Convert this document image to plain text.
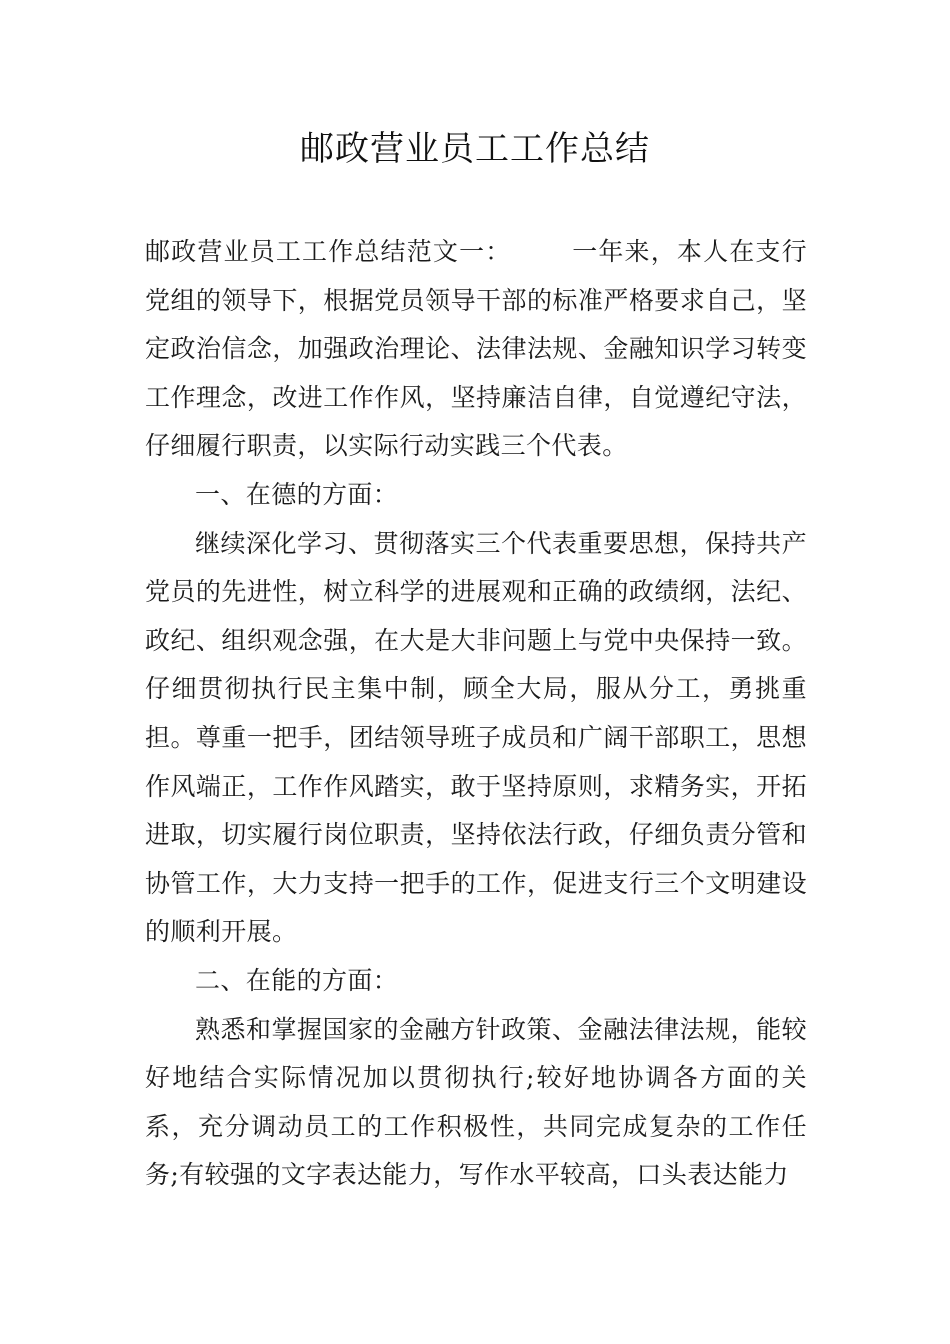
邮政营业员工工作总结

邮政营业员工工作总结范文一： 一年来，本人在支行党组的领导下，根据党员领导干部的标准严格要求自己，坚定政治信念，加强政治理论、法律法规、金融知识学习转变工作理念，改进工作作风，坚持廉洁自律，自觉遵纪守法，仔细履行职责，以实际行动实践三个代表。

一、在德的方面：

继续深化学习、贯彻落实三个代表重要思想，保持共产党员的先进性，树立科学的进展观和正确的政绩纲，法纪、政纪、组织观念强，在大是大非问题上与党中央保持一致。仔细贯彻执行民主集中制，顾全大局，服从分工，勇挑重担。尊重一把手，团结领导班子成员和广阔干部职工，思想作风端正，工作作风踏实，敢于坚持原则，求精务实，开拓进取，切实履行岗位职责，坚持依法行政，仔细负责分管和协管工作，大力支持一把手的工作，促进支行三个文明建设的顺利开展。

二、在能的方面：

熟悉和掌握国家的金融方针政策、金融法律法规，能较好地结合实际情况加以贯彻执行;较好地协调各方面的关系，充分调动员工的工作积极性，共同完成复杂的工作任务;有较强的文字表达能力，写作水平较高，口头表达能力
